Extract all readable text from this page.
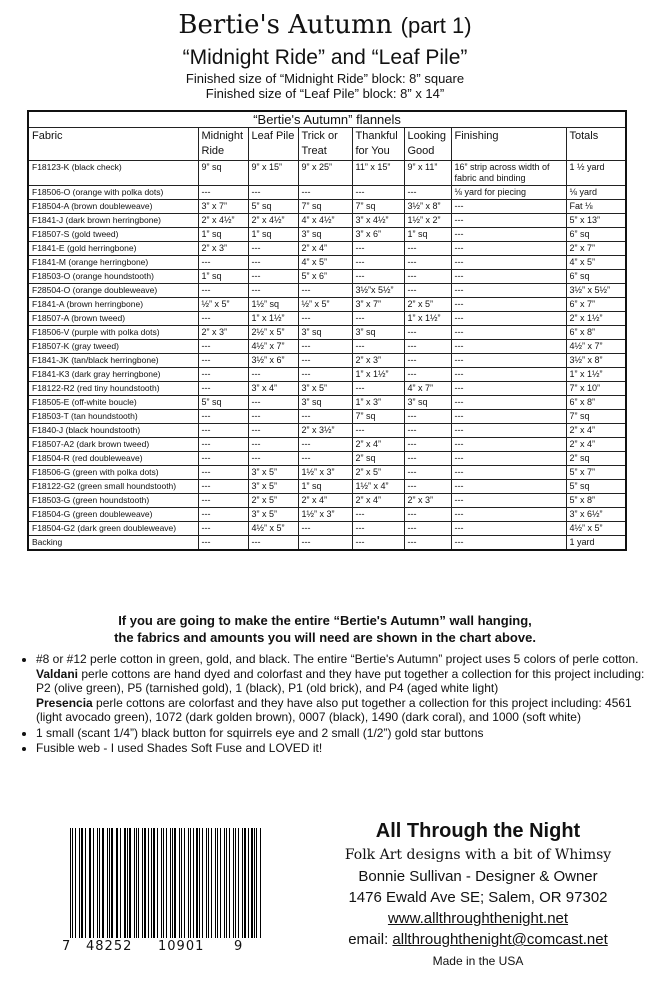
Bertie's Autumn (part 1)
“Midnight Ride” and “Leaf Pile”
Finished size of “Midnight Ride” block: 8” square
Finished size of “Leaf Pile” block: 8” x 14”
“Bertie's Autumn” flannels							
Fabric	Midnight Ride	Leaf Pile	Trick or Treat	Thankful for You	Looking Good	Finishing	Totals
F18123-K (black check)	9” sq	9” x 15”	9” x 25”	11” x 15”	9” x 11”	16” strip across width of fabric and binding	1 ½ yard
F18506-O (orange with polka dots)	---	---	---	---	---	⅛ yard for piecing	⅛ yard
F18504-A (brown doubleweave)	3” x 7”	5” sq	7” sq	7” sq	3½” x 8”	---	Fat ⅛
F1841-J (dark brown herringbone)	2” x 4½”	2” x 4½”	4” x 4½”	3” x 4½”	1½” x 2”	---	5” x 13”
F18507-S (gold tweed)	1” sq	1” sq	3” sq	3” x 6”	1” sq	---	6” sq
F1841-E (gold herringbone)	2” x 3”	---	2” x 4”	---	---	---	2” x 7”
F1841-M (orange herringbone)	---	---	4” x 5”	---	---	---	4” x 5”
F18503-O (orange houndstooth)	1” sq	---	5” x 6”	---	---	---	6” sq
F28504-O (orange doubleweave)	---	---	---	3½”x 5½”	---	---	3½” x 5½”
F1841-A (brown herringbone)	½” x 5”	1½” sq	½” x 5”	3” x 7”	2” x 5”	---	6” x 7”
F18507-A (brown tweed)	---	1” x 1½”	---	---	1” x 1½”	---	2” x 1½”
F18506-V (purple with polka dots)	2” x 3”	2½” x 5”	3” sq	3” sq	---	---	6” x 8”
F18507-K (gray tweed)	---	4½” x 7”	---	---	---	---	4½” x 7”
F1841-JK (tan/black herringbone)	---	3½” x 6”	---	2” x 3”	---	---	3½” x 8”
F1841-K3 (dark gray herringbone)	---	---	---	1” x 1½”	---	---	1” x 1½”
F18122-R2 (red tiny houndstooth)	---	3” x 4”	3” x 5”	---	4” x 7”	---	7” x 10”
F18505-E (off-white boucle)	5” sq	---	3” sq	1” x 3”	3” sq	---	6” x 8”
F18503-T (tan houndstooth)	---	---	---	7” sq	---	---	7” sq
F1840-J (black houndstooth)	---	---	2” x 3½”	---	---	---	2” x 4”
F18507-A2 (dark brown tweed)	---	---	---	2” x 4”	---	---	2” x 4”
F18504-R (red doubleweave)	---	---	---	2” sq	---	---	2” sq
F18506-G (green with polka dots)	---	3” x 5”	1½” x 3”	2” x 5”	---	---	5” x 7”
F18122-G2 (green small houndstooth)	---	3” x 5”	1” sq	1½” x 4”	---	---	5” sq
F18503-G (green houndstooth)	---	2” x 5”	2” x 4”	2” x 4”	2” x 3”	---	5” x 8”
F18504-G (green doubleweave)	---	3” x 5”	1½” x 3”	---	---	---	3” x 6½”
F18504-G2 (dark green doubleweave)	---	4½” x 5”	---	---	---	---	4½” x 5”
Backing	---	---	---	---	---	---	1 yard
If you are going to make the entire “Bertie's Autumn” wall hanging,
the fabrics and amounts you will need are shown in the chart above.
• #8 or #12 perle cotton in green, gold, and black. The entire “Bertie's Autumn” project uses 5 colors of perle cotton.
Valdani perle cottons are hand dyed and colorfast and they have put together a collection for this project including: P2 (olive green), P5 (tarnished gold), 1 (black), P1 (old brick), and P4 (aged white light)
Presencia perle cottons are colorfast and they have also put together a collection for this project including: 4561 (light avocado green), 1072 (dark golden brown), 0007 (black), 1490 (dark coral), and 1000 (soft white)
• 1 small (scant 1/4”) black button for squirrels eye and 2 small (1/2”) gold star buttons
• Fusible web - I used Shades Soft Fuse and LOVED it!
7	48252	10901	9
All Through the Night
Folk Art designs with a bit of Whimsy
Bonnie Sullivan - Designer & Owner
1476 Ewald Ave SE; Salem, OR 97302
www.allthroughthenight.net
email: allthroughthenight@comcast.net
Made in the USA
